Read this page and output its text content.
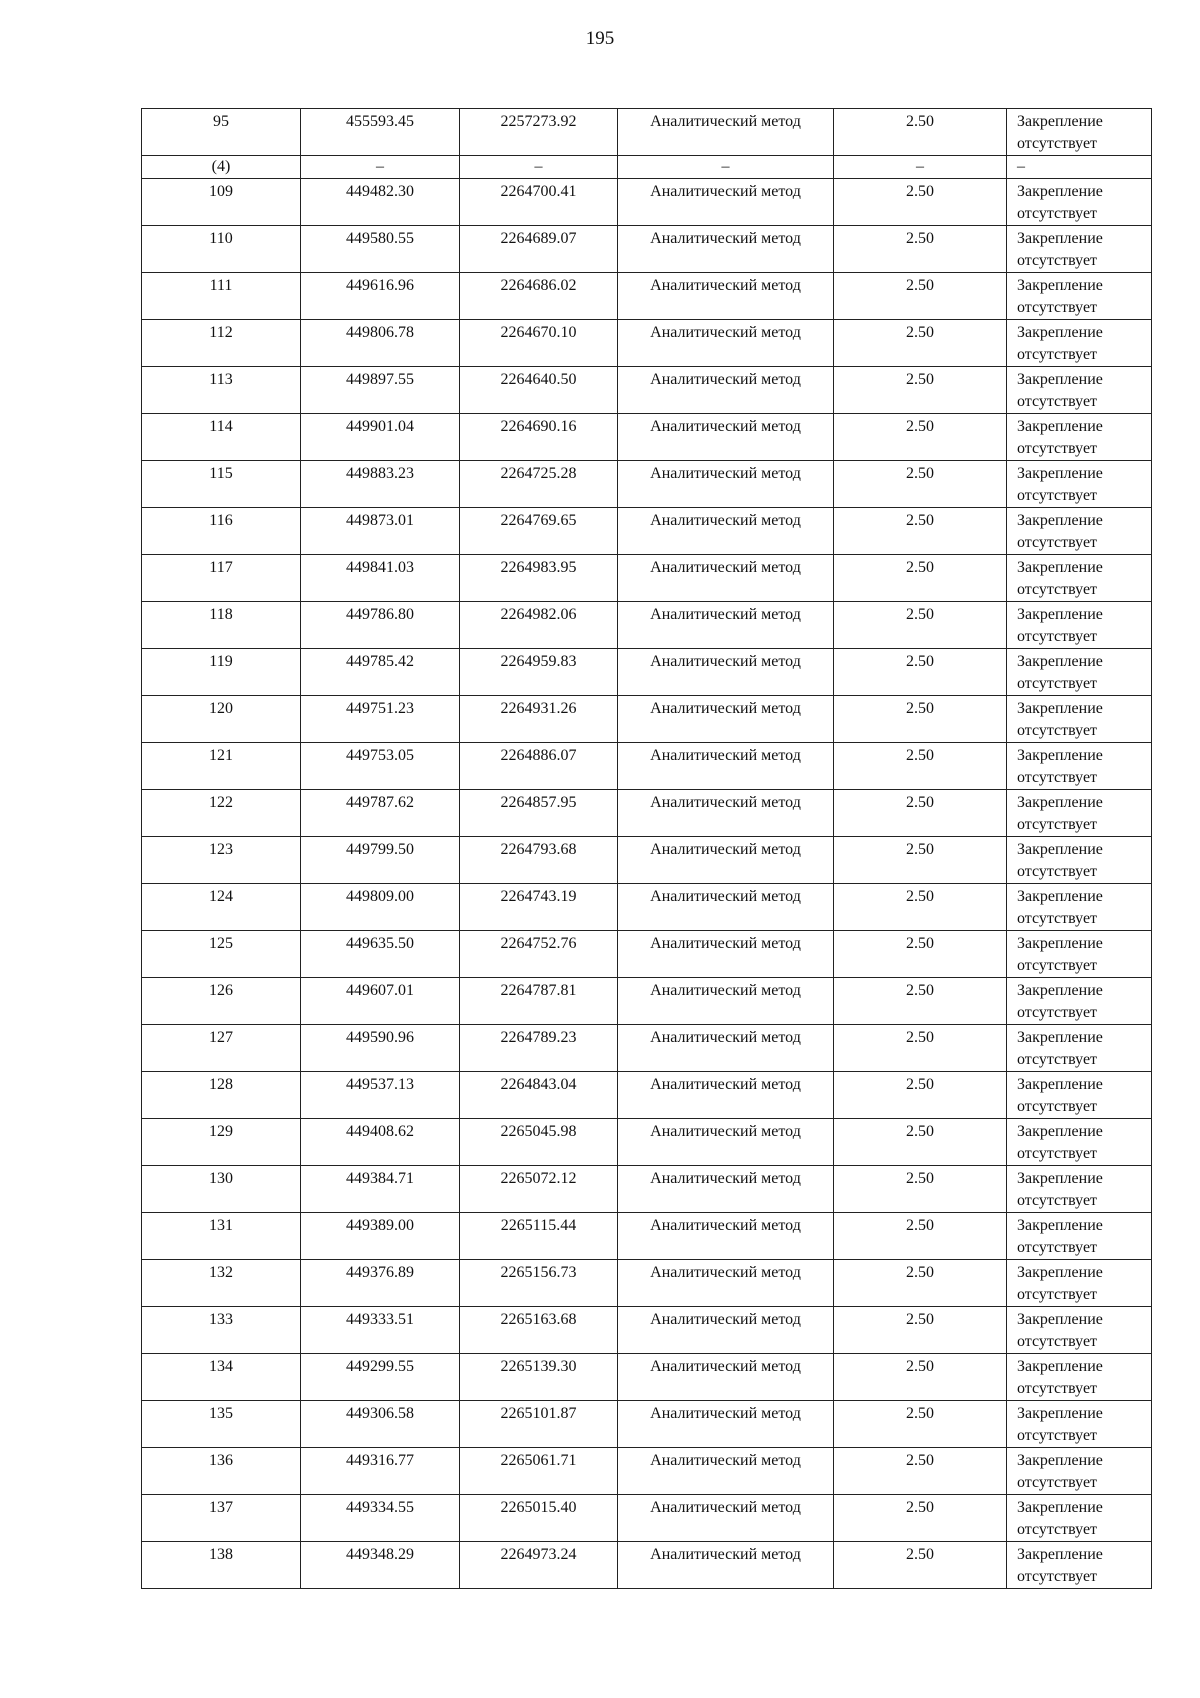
195
95	455593.45	2257273.92	Аналитический метод	2.50	Закрепление отсутствует
(4)	–	–	–	–	–
109	449482.30	2264700.41	Аналитический метод	2.50	Закрепление отсутствует
110	449580.55	2264689.07	Аналитический метод	2.50	Закрепление отсутствует
111	449616.96	2264686.02	Аналитический метод	2.50	Закрепление отсутствует
112	449806.78	2264670.10	Аналитический метод	2.50	Закрепление отсутствует
113	449897.55	2264640.50	Аналитический метод	2.50	Закрепление отсутствует
114	449901.04	2264690.16	Аналитический метод	2.50	Закрепление отсутствует
115	449883.23	2264725.28	Аналитический метод	2.50	Закрепление отсутствует
116	449873.01	2264769.65	Аналитический метод	2.50	Закрепление отсутствует
117	449841.03	2264983.95	Аналитический метод	2.50	Закрепление отсутствует
118	449786.80	2264982.06	Аналитический метод	2.50	Закрепление отсутствует
119	449785.42	2264959.83	Аналитический метод	2.50	Закрепление отсутствует
120	449751.23	2264931.26	Аналитический метод	2.50	Закрепление отсутствует
121	449753.05	2264886.07	Аналитический метод	2.50	Закрепление отсутствует
122	449787.62	2264857.95	Аналитический метод	2.50	Закрепление отсутствует
123	449799.50	2264793.68	Аналитический метод	2.50	Закрепление отсутствует
124	449809.00	2264743.19	Аналитический метод	2.50	Закрепление отсутствует
125	449635.50	2264752.76	Аналитический метод	2.50	Закрепление отсутствует
126	449607.01	2264787.81	Аналитический метод	2.50	Закрепление отсутствует
127	449590.96	2264789.23	Аналитический метод	2.50	Закрепление отсутствует
128	449537.13	2264843.04	Аналитический метод	2.50	Закрепление отсутствует
129	449408.62	2265045.98	Аналитический метод	2.50	Закрепление отсутствует
130	449384.71	2265072.12	Аналитический метод	2.50	Закрепление отсутствует
131	449389.00	2265115.44	Аналитический метод	2.50	Закрепление отсутствует
132	449376.89	2265156.73	Аналитический метод	2.50	Закрепление отсутствует
133	449333.51	2265163.68	Аналитический метод	2.50	Закрепление отсутствует
134	449299.55	2265139.30	Аналитический метод	2.50	Закрепление отсутствует
135	449306.58	2265101.87	Аналитический метод	2.50	Закрепление отсутствует
136	449316.77	2265061.71	Аналитический метод	2.50	Закрепление отсутствует
137	449334.55	2265015.40	Аналитический метод	2.50	Закрепление отсутствует
138	449348.29	2264973.24	Аналитический метод	2.50	Закрепление отсутствует
